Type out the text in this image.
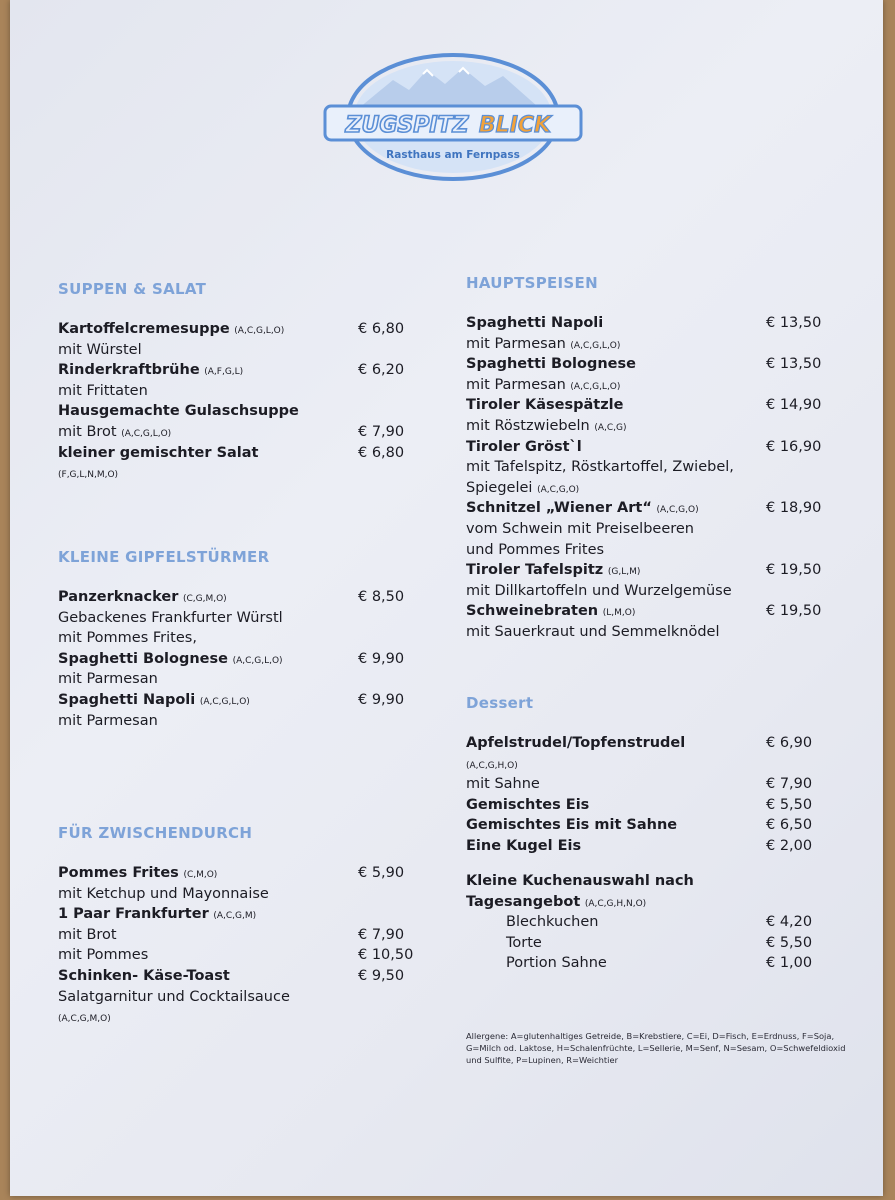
ZUGSPITZ BLICK
Rasthaus am Fernpass
SUPPEN & SALAT
Kartoffelcremesuppe (A,C,G,L,O)	€ 6,80
mit Würstel
Rinderkraftbrühe (A,F,G,L)	€ 6,20
mit Frittaten
Hausgemachte Gulaschsuppe
mit Brot (A,C,G,L,O)	€ 7,90
kleiner gemischter Salat	€ 6,80
(F,G,L,N,M,O)
KLEINE GIPFELSTÜRMER
Panzerknacker (C,G,M,O)	€ 8,50
Gebackenes Frankfurter Würstl
mit Pommes Frites,
Spaghetti Bolognese (A,C,G,L,O)	€ 9,90
mit Parmesan
Spaghetti Napoli (A,C,G,L,O)	€ 9,90
mit Parmesan
FÜR ZWISCHENDURCH
Pommes Frites (C,M,O)	€ 5,90
mit Ketchup und Mayonnaise
1 Paar Frankfurter (A,C,G,M)
mit Brot	€ 7,90
mit Pommes	€ 10,50
Schinken- Käse-Toast	€ 9,50
Salatgarnitur und Cocktailsauce
(A,C,G,M,O)
HAUPTSPEISEN
Spaghetti Napoli	€ 13,50
mit Parmesan (A,C,G,L,O)
Spaghetti Bolognese	€ 13,50
mit Parmesan (A,C,G,L,O)
Tiroler Käsespätzle	€ 14,90
mit Röstzwiebeln (A,C,G)
Tiroler Gröst`l	€ 16,90
mit Tafelspitz, Röstkartoffel, Zwiebel,
Spiegelei (A,C,G,O)
Schnitzel „Wiener Art“ (A,C,G,O)	€ 18,90
vom Schwein mit Preiselbeeren
und Pommes Frites
Tiroler Tafelspitz (G,L,M)	€ 19,50
mit Dillkartoffeln und Wurzelgemüse
Schweinebraten (L,M,O)	€ 19,50
mit Sauerkraut und Semmelknödel
Dessert
Apfelstrudel/Topfenstrudel	€ 6,90
(A,C,G,H,O)
mit Sahne	€ 7,90
Gemischtes Eis	€ 5,50
Gemischtes Eis mit Sahne	€ 6,50
Eine Kugel Eis	€ 2,00
Kleine Kuchenauswahl nach
Tagesangebot (A,C,G,H,N,O)
Blechkuchen	€ 4,20
Torte	€ 5,50
Portion Sahne	€ 1,00
Allergene: A=glutenhaltiges Getreide, B=Krebstiere, C=Ei, D=Fisch, E=Erdnuss, F=Soja, G=Milch od. Laktose, H=Schalenfrüchte, L=Sellerie, M=Senf, N=Sesam, O=Schwefeldioxid und Sulfite, P=Lupinen, R=Weichtier
